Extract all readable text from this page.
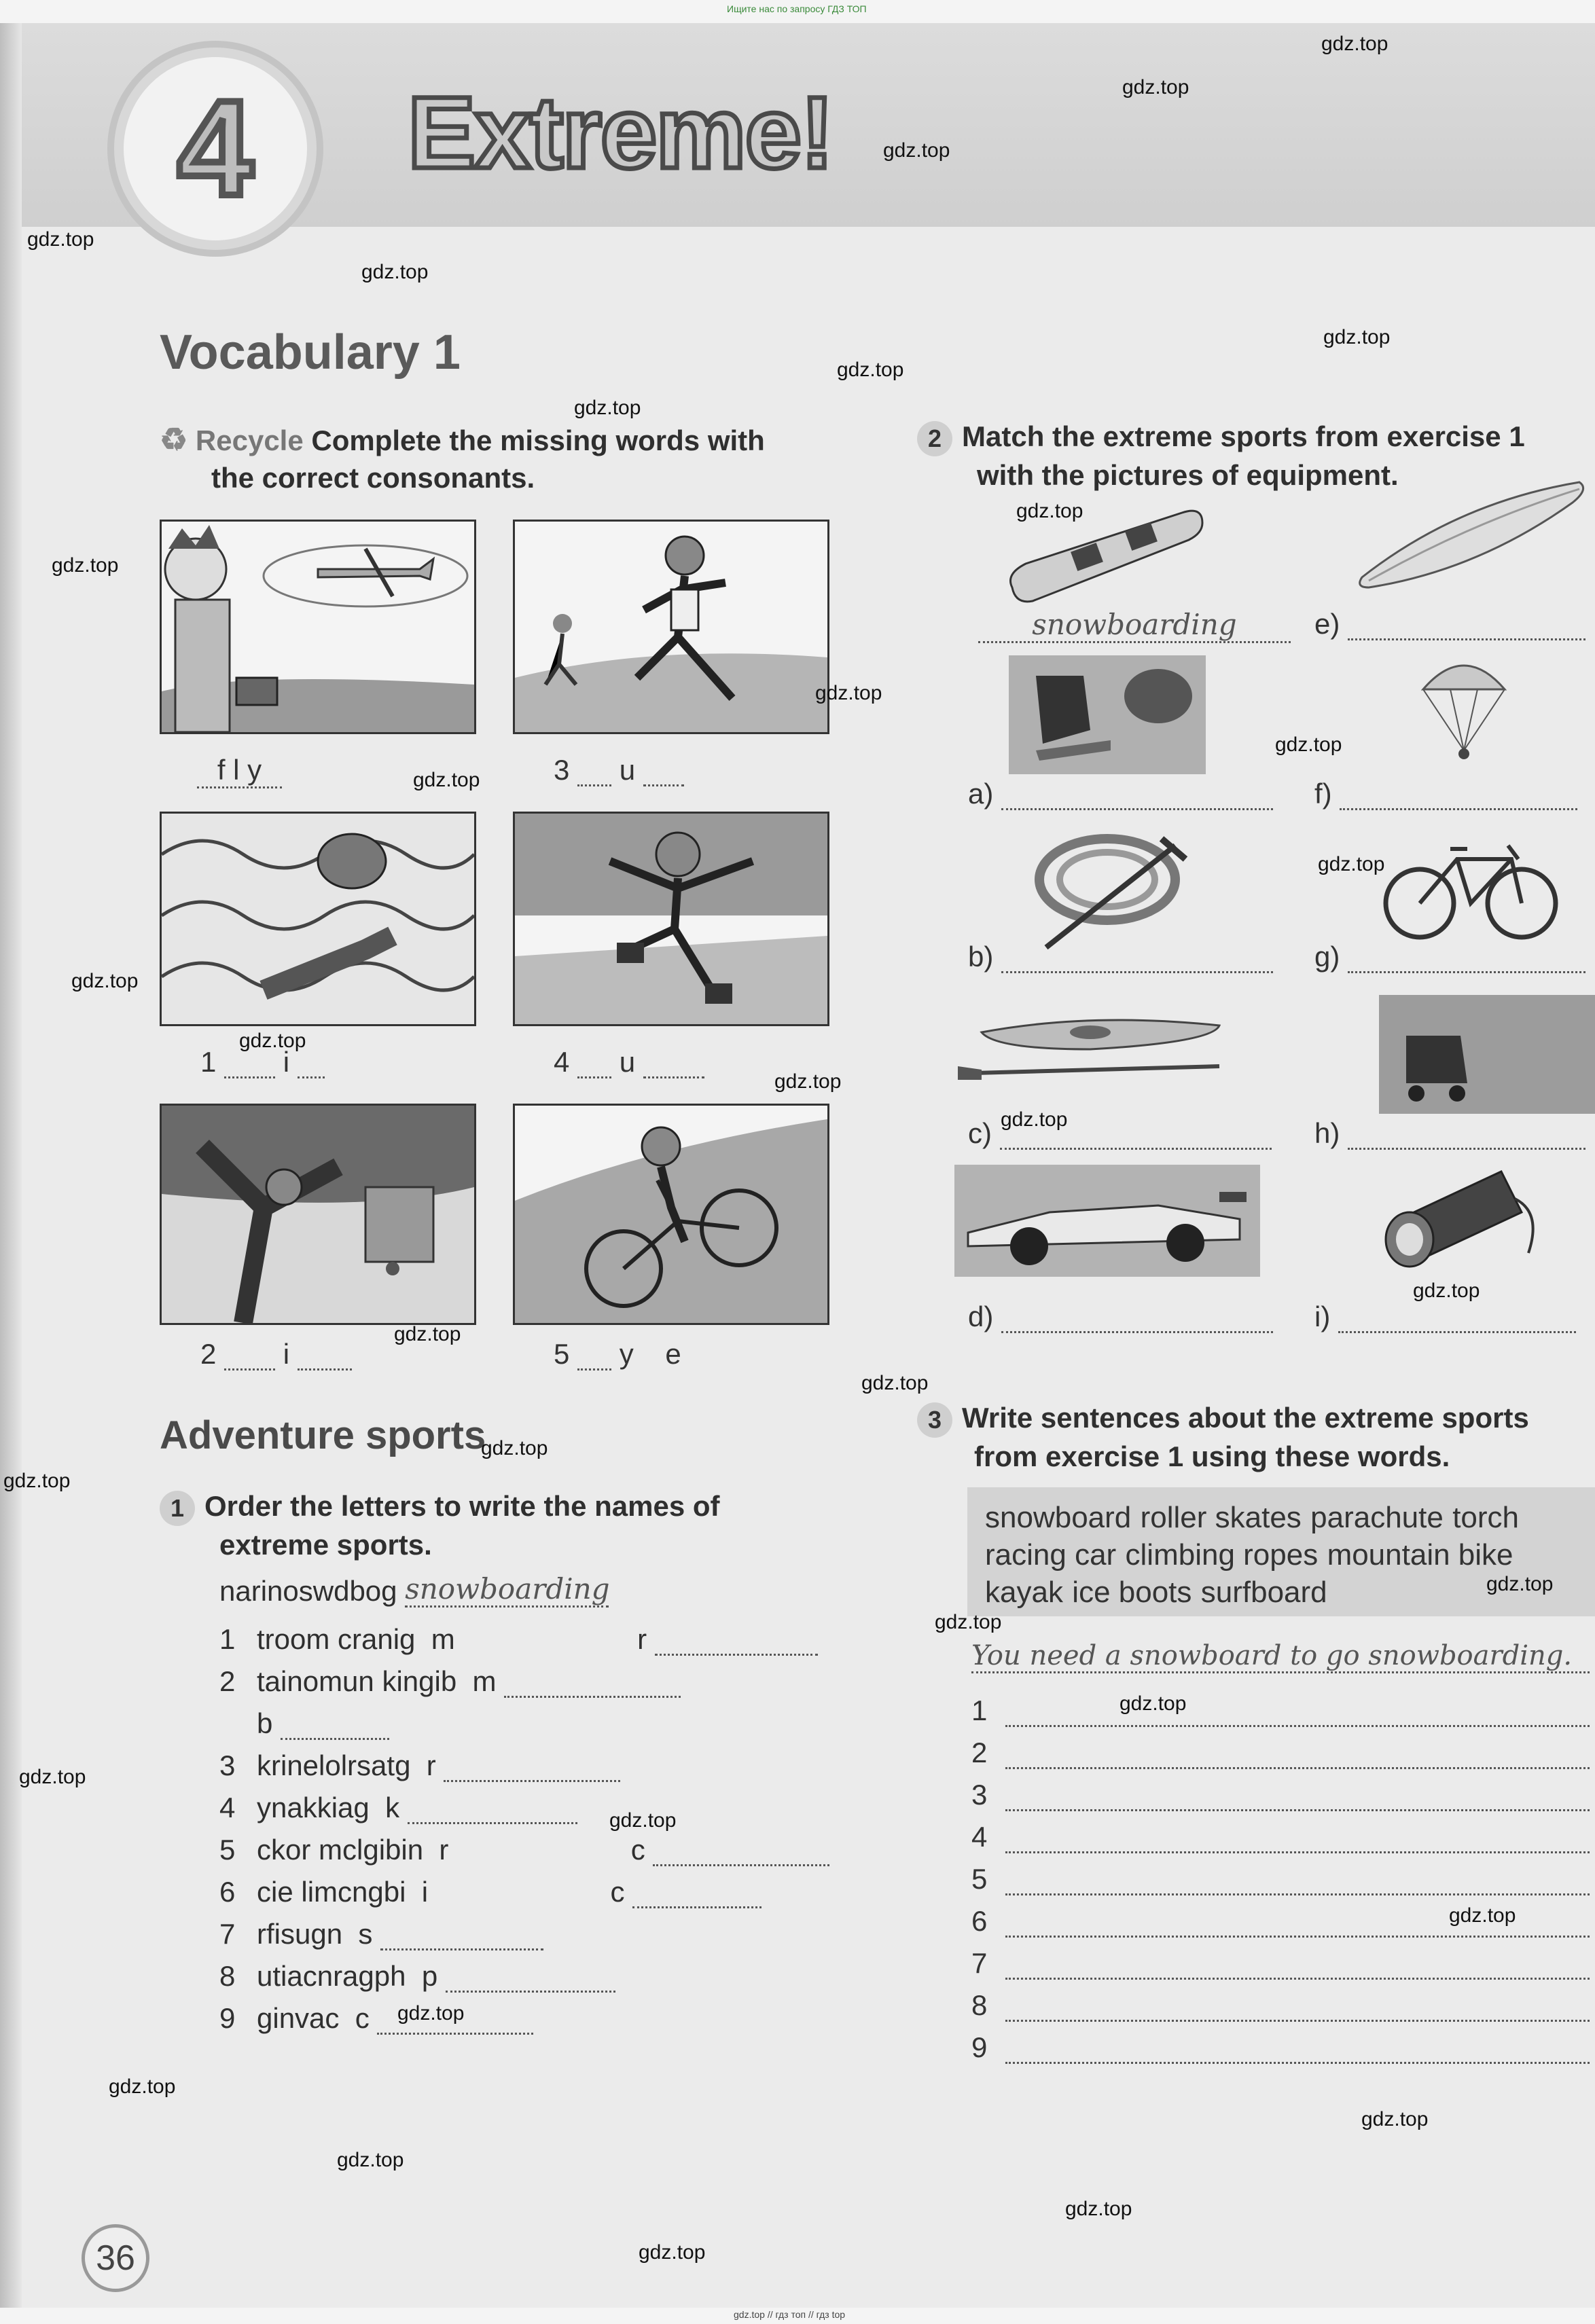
Ищите нас по запросу ГДЗ ТОП
4 Extreme!
Vocabulary 1
♻ Recycle Complete the missing words with
the correct consonants.
f l y	3 u
1 i	4 u
2 i	5 y    e
Adventure sports
1 Order the letters to write the names of
extreme sports.
narinoswdbog snowboarding
1 troom cranig m                       r
2 tainomun kingib m
b
3 krinelolrsatg r
4 ynakkiag k
5 ckor mclgibin r                       c
6 cie limcngbi i                       c
7 rfisugn s
8 utiacnragph p
9 ginvac c
2 Match the extreme sports from exercise 1
with the pictures of equipment.
snowboarding
a)
b)
c)
d)
e)
f)
g)
h)
i)
3 Write sentences about the extreme sports
from exercise 1 using these words.
snowboard roller skates parachute torch
racing car climbing ropes mountain bike
kayak ice boots surfboard
You need a snowboard to go snowboarding.
1
2
3
4
5
6
7
8
9
36
gdz.top
gdz.top
gdz.top
gdz.top
gdz.top
gdz.top
gdz.top
gdz.top
gdz.top
gdz.top
gdz.top
gdz.top
gdz.top
gdz.top
gdz.top
gdz.top
gdz.top
gdz.top
gdz.top
gdz.top
gdz.top
gdz.top
gdz.top
gdz.top
gdz.top
gdz.top
gdz.top
gdz.top
gdz.top
gdz.top
gdz.top
gdz.top
gdz.top
gdz.top
gdz.top
gdz.top // гдз топ // гдз top
